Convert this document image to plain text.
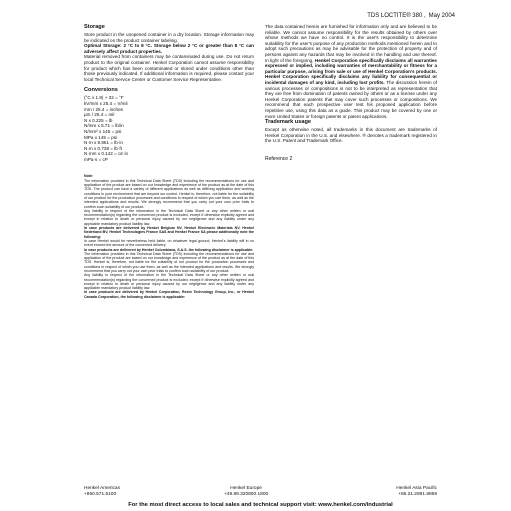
TDS LOCTITE® 380 , May 2004
Storage

Store product in the unopened container in a dry location. Storage information may be indicated on the product container labeling.

Optimal Storage: 2 °C to 8 °C. Storage below 2 °C or greater than 8 °C can adversely affect product properties.

Material removed from containers may be contaminated during use. Do not return product to the original container. Henkel Corporation cannot assume responsibility for product which has been contaminated or stored under conditions other than those previously indicated. If additional information is required, please contact your local Technical Service Center or Customer Service Representative.

Conversions
(°C x 1.8) + 32 = °F
kV/mm x 25.4 = V/mil
mm / 25.4 = inches
µm / 25.4 = mil
N x 0.225 = lb
N/mm x 5.71 = lb/in
N/mm² x 145 = psi
MPa x 145 = psi
N·m x 8.851 = lb·in
N·m x 0.738 = lb·ft
N·mm x 0.142 = oz·in
mPa·s = cP

Note:

The information provided in this Technical Data Sheet (TDS) including the recommendations for use and application of the product are based on our knowledge and experience of the product as at the date of this TDS. The product can have a variety of different applications as well as differing application and working conditions in your environment that are beyond our control. Henkel is, therefore, not liable for the suitability of our product for the production processes and conditions in respect of which you use them, as well as the intended applications and results. We strongly recommend that you carry out your own prior trials to confirm such suitability of our product.

Any liability in respect of the information in the Technical Data Sheet or any other written or oral recommendation(s) regarding the concerned product is excluded, except if otherwise explicitly agreed and except in relation to death or personal injury caused by our negligence and any liability under any applicable mandatory product liability law.

In case products are delivered by Henkel Belgium NV, Henkel Electronic Materials NV, Henkel Nederland BV, Henkel Technologies France SAS and Henkel France SA please additionally note the following:

In case Henkel would be nevertheless held liable, on whatever legal ground, Henkel's liability will in no event exceed the amount of the concerned delivery.

In case products are delivered by Henkel Colombiana, S.A.S. the following disclaimer is applicable:

The information provided in this Technical Data Sheet (TDS) including the recommendations for use and application of the product are based on our knowledge and experience of the product as at the date of this TDS. Henkel is, therefore, not liable for the suitability of our product for the production processes and conditions in respect of which you use them, as well as the intended applications and results. We strongly recommend that you carry out your own prior trials to confirm such suitability of our product.

Any liability in respect of the information in the Technical Data Sheet or any other written or oral recommendation(s) regarding the concerned product is excluded, except if otherwise explicitly agreed and except in relation to death or personal injury caused by our negligence and any liability under any applicable mandatory product liability law.

In case products are delivered by Henkel Corporation, Resin Technology Group, Inc., or Henkel Canada Corporation, the following disclaimer is applicable:

The data contained herein are furnished for information only and are believed to be reliable. We cannot assume responsibility for the results obtained by others over whose methods we have no control. It is the user's responsibility to determine suitability for the user's purpose of any production methods mentioned herein and to adopt such precautions as may be advisable for the protection of property and of persons against any hazards that may be involved in the handling and use thereof. In light of the foregoing, Henkel Corporation specifically disclaims all warranties expressed or implied, including warranties of merchantability or fitness for a particular purpose, arising from sale or use of Henkel Corporation's products. Henkel Corporation specifically disclaims any liability for consequential or incidental damages of any kind, including lost profits. The discussion herein of various processes or compositions is not to be interpreted as representation that they are free from domination of patents owned by others or as a license under any Henkel Corporation patents that may cover such processes or compositions. We recommend that each prospective user test his proposed application before repetitive use, using this data as a guide. This product may be covered by one or more United States or foreign patents or patent applications.

Trademark usage

Except as otherwise noted, all trademarks in this document are trademarks of Henkel Corporation in the U.S. and elsewhere. ® denotes a trademark registered in the U.S. Patent and Trademark Office.

Reference 2
Henkel Americas
+860.571.5100
Henkel Europe
+49.89.320800.1800
Henkel Asia Pacific
+86.21.2891.8859
For the most direct access to local sales and technical support visit: www.henkel.com/industrial
